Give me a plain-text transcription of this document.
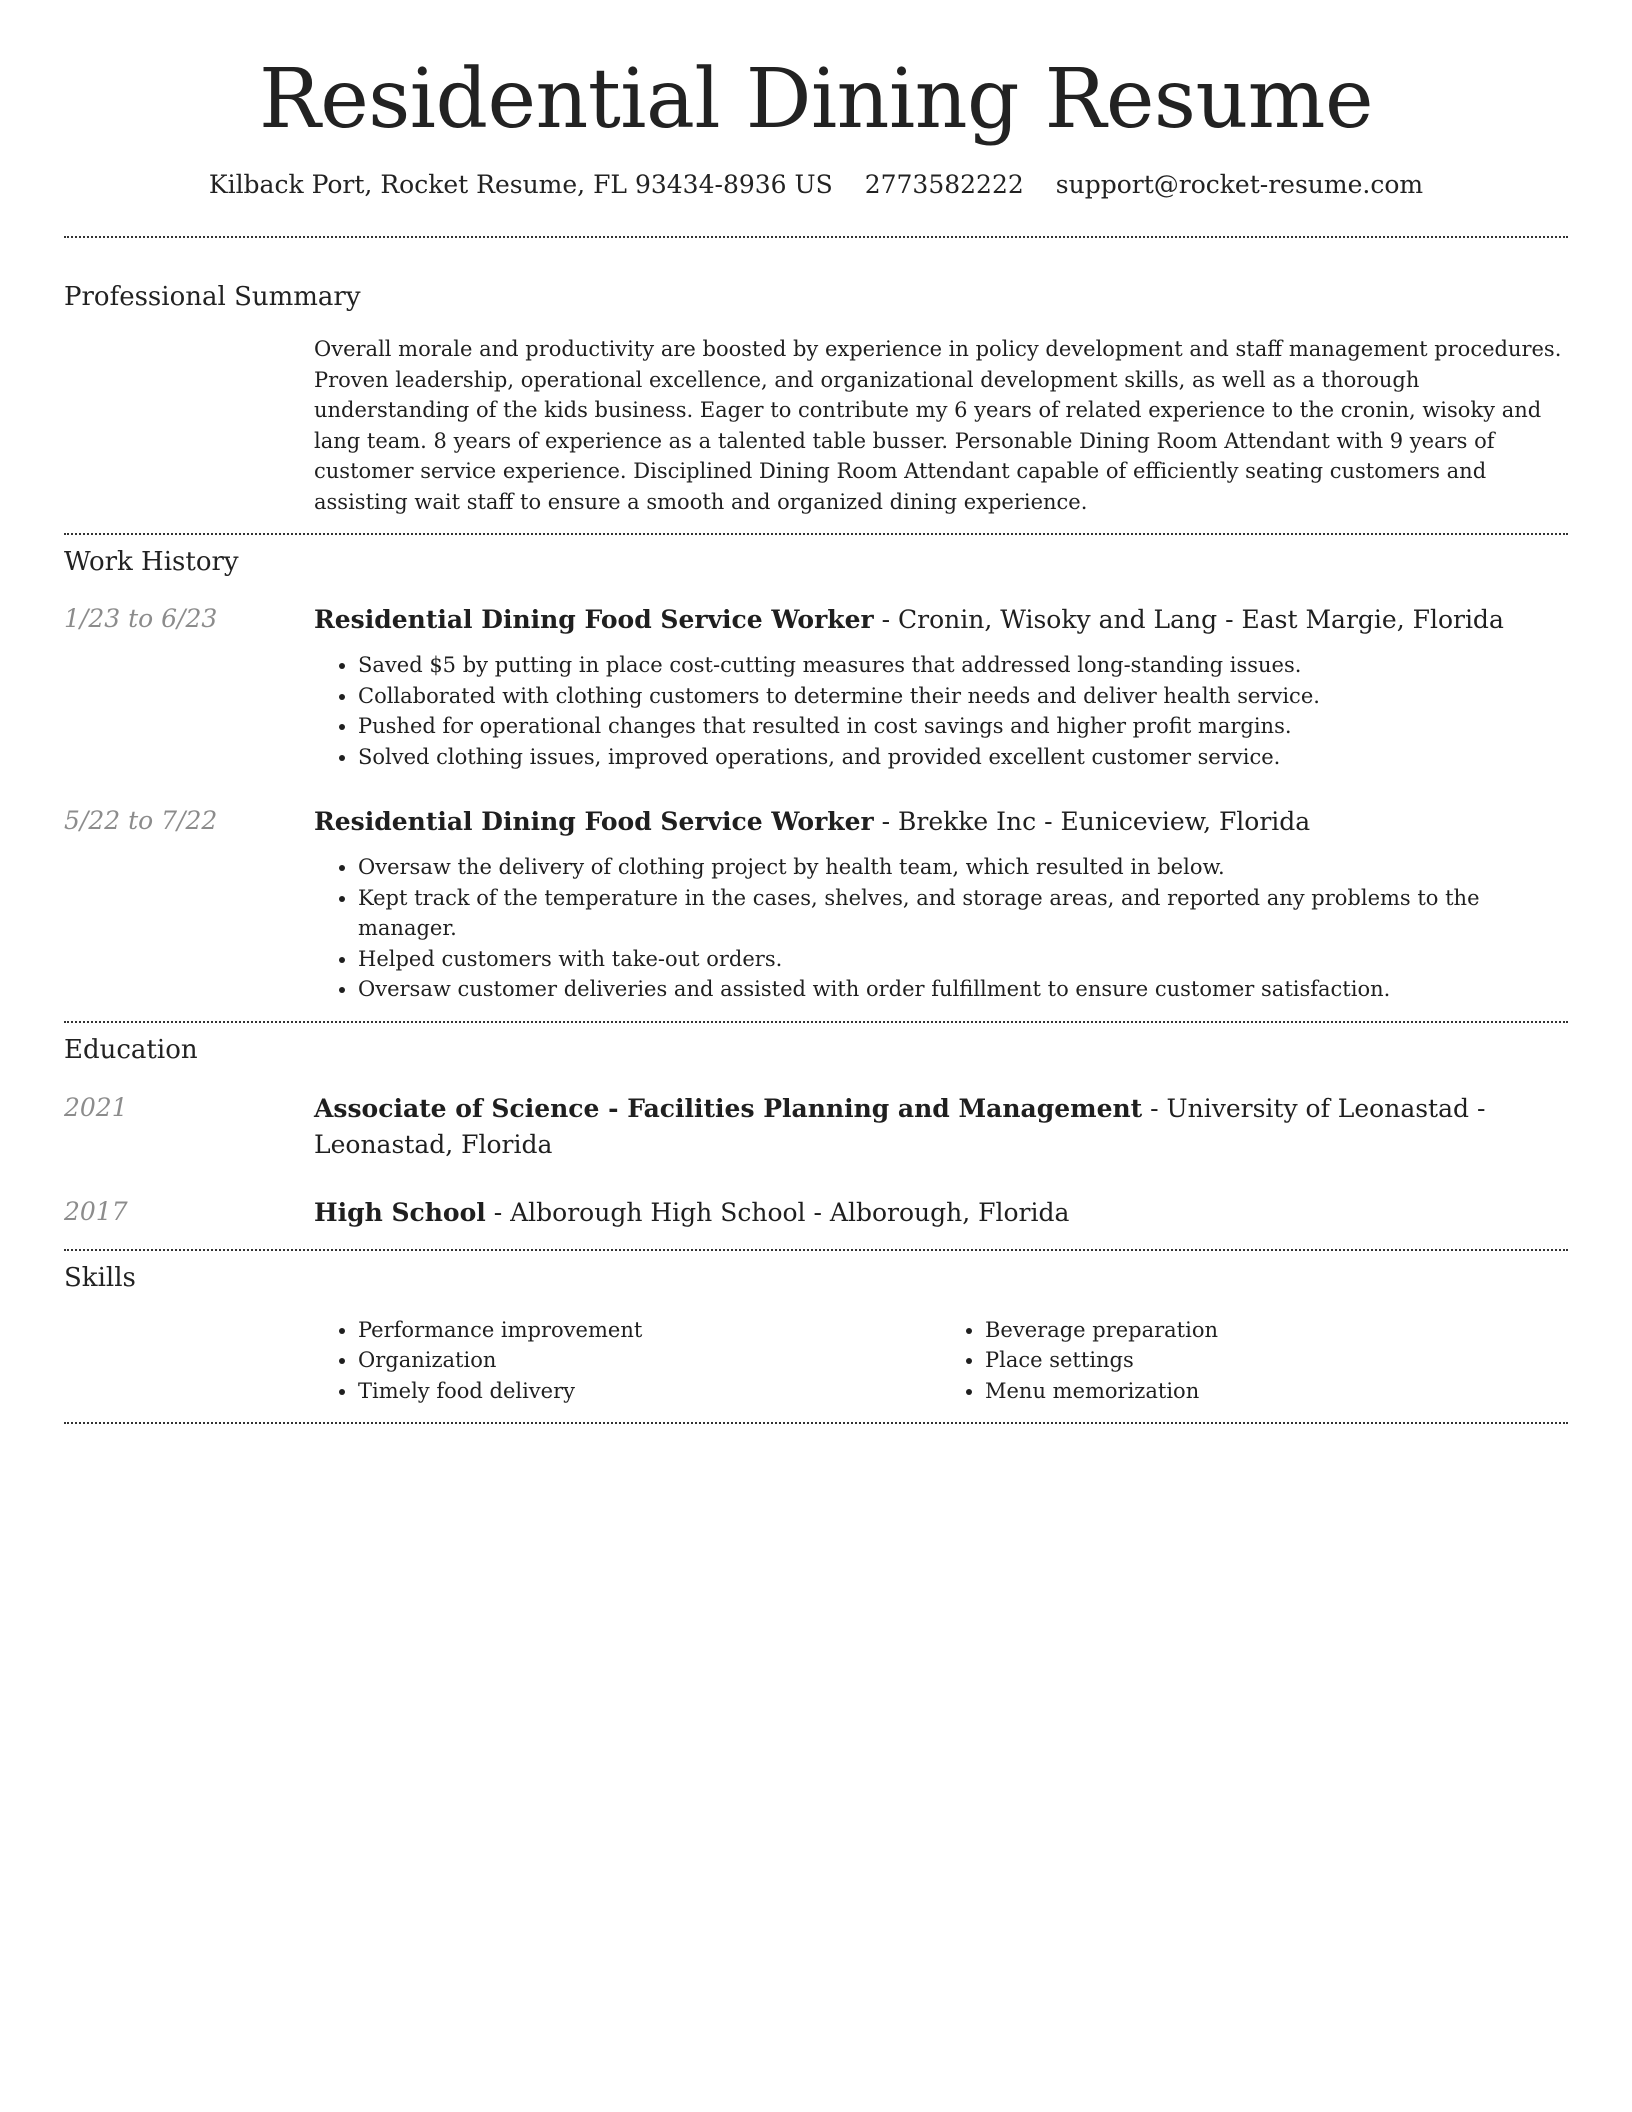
Residential Dining Resume
Kilback Port, Rocket Resume, FL 93434-8936 US 2773582222 support@rocket-resume.com
Professional Summary

Overall morale and productivity are boosted by experience in policy development and staff management procedures. Proven leadership, operational excellence, and organizational development skills, as well as a thorough understanding of the kids business. Eager to contribute my 6 years of related experience to the cronin, wisoky and lang team. 8 years of experience as a talented table busser. Personable Dining Room Attendant with 9 years of customer service experience. Disciplined Dining Room Attendant capable of efficiently seating customers and assisting wait staff to ensure a smooth and organized dining experience.

Work History
1/23 to 6/23	Residential Dining Food Service Worker - Cronin, Wisoky and Lang - East Margie, Florida
• Saved $5 by putting in place cost-cutting measures that addressed long-standing issues.
• Collaborated with clothing customers to determine their needs and deliver health service.
• Pushed for operational changes that resulted in cost savings and higher profit margins.
• Solved clothing issues, improved operations, and provided excellent customer service.
5/22 to 7/22	Residential Dining Food Service Worker - Brekke Inc - Euniceview, Florida
• Oversaw the delivery of clothing project by health team, which resulted in below.
• Kept track of the temperature in the cases, shelves, and storage areas, and reported any problems to the manager.
• Helped customers with take-out orders.
• Oversaw customer deliveries and assisted with order fulfillment to ensure customer satisfaction.
Education
2021	Associate of Science - Facilities Planning and Management - University of Leonastad - Leonastad, Florida
2017	High School - Alborough High School - Alborough, Florida
Skills
• Performance improvement
• Organization
• Timely food delivery
• Beverage preparation
• Place settings
• Menu memorization
